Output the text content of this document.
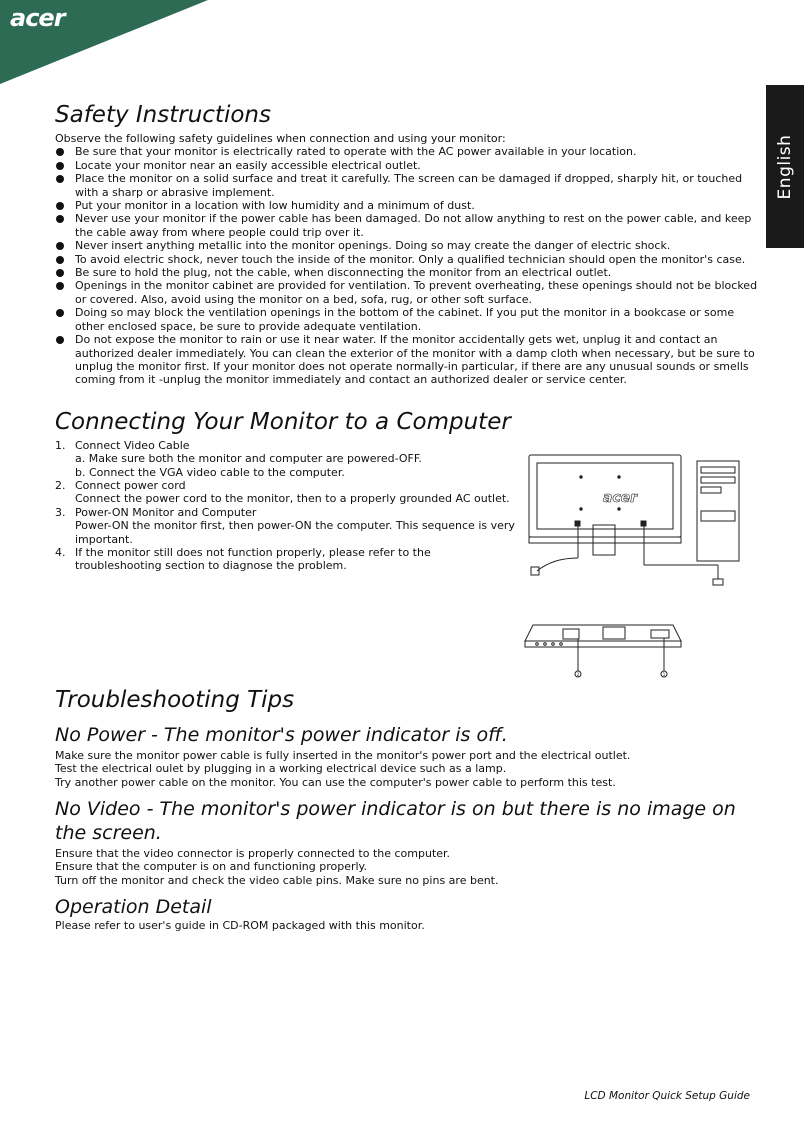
acer
English
Safety Instructions

Observe the following safety guidelines when connection and using your monitor:

Be sure that your monitor is electrically rated to operate with the AC power available in your location.
Locate your monitor near an easily accessible electrical outlet.
Place the monitor on a solid surface and treat it carefully. The screen can be damaged if dropped, sharply hit, or touched with a sharp or abrasive implement.
Put your monitor in a location with low humidity and a minimum of dust.
Never use your monitor if the power cable has been damaged. Do not allow anything to rest on the power cable, and keep the cable away from where people could trip over it.
Never insert anything metallic into the monitor openings. Doing so may create the danger of electric shock.
To avoid electric shock, never touch the inside of the monitor. Only a qualified technician should open the monitor's case.
Be sure to hold the plug, not the cable, when disconnecting the monitor from an electrical outlet.
Openings in the monitor cabinet are provided for ventilation. To prevent overheating, these openings should not be blocked or covered. Also, avoid using the monitor on a bed, sofa, rug, or other soft surface.
Doing so may block the ventilation openings in the bottom of the cabinet. If you put the monitor in a bookcase or some other enclosed space, be sure to provide adequate ventilation.
Do not expose the monitor to rain or use it near water. If the monitor accidentally gets wet, unplug it and contact an authorized dealer immediately. You can clean the exterior of the monitor with a damp cloth when necessary, but be sure to unplug the monitor first. If your monitor does not operate normally-in particular, if there are any unusual sounds or smells coming from it -unplug the monitor immediately and contact an authorized dealer or service center.
Connecting Your Monitor to a Computer
1. Connect Video Cable
a. Make sure both the monitor and computer are powered-OFF.
b. Connect the VGA video cable to the computer.
2. Connect power cord
Connect the power cord to the monitor, then to a properly grounded AC outlet.
3. Power-ON Monitor and Computer
Power-ON the monitor first, then power-ON the computer. This sequence is very important.
4. If the monitor still does not function properly, please refer to the troubleshooting section to diagnose the problem.
acer
2	1
Troubleshooting Tips
No Power - The monitor's power indicator is off.

Make sure the monitor power cable is fully inserted in the monitor's power port and the electrical outlet.

Test the electrical oulet by plugging in a working electrical device such as a lamp.

Try another power cable on the monitor. You can use the computer's power cable to perform this test.

No Video - The monitor's power indicator is on but there is no image on the screen.

Ensure that the video connector is properly connected to the computer.

Ensure that the computer is on and functioning properly.

Turn off the monitor and check the video cable pins. Make sure no pins are bent.

Operation Detail

Please refer to user's guide in CD-ROM packaged with this monitor.

LCD Monitor Quick Setup Guide
